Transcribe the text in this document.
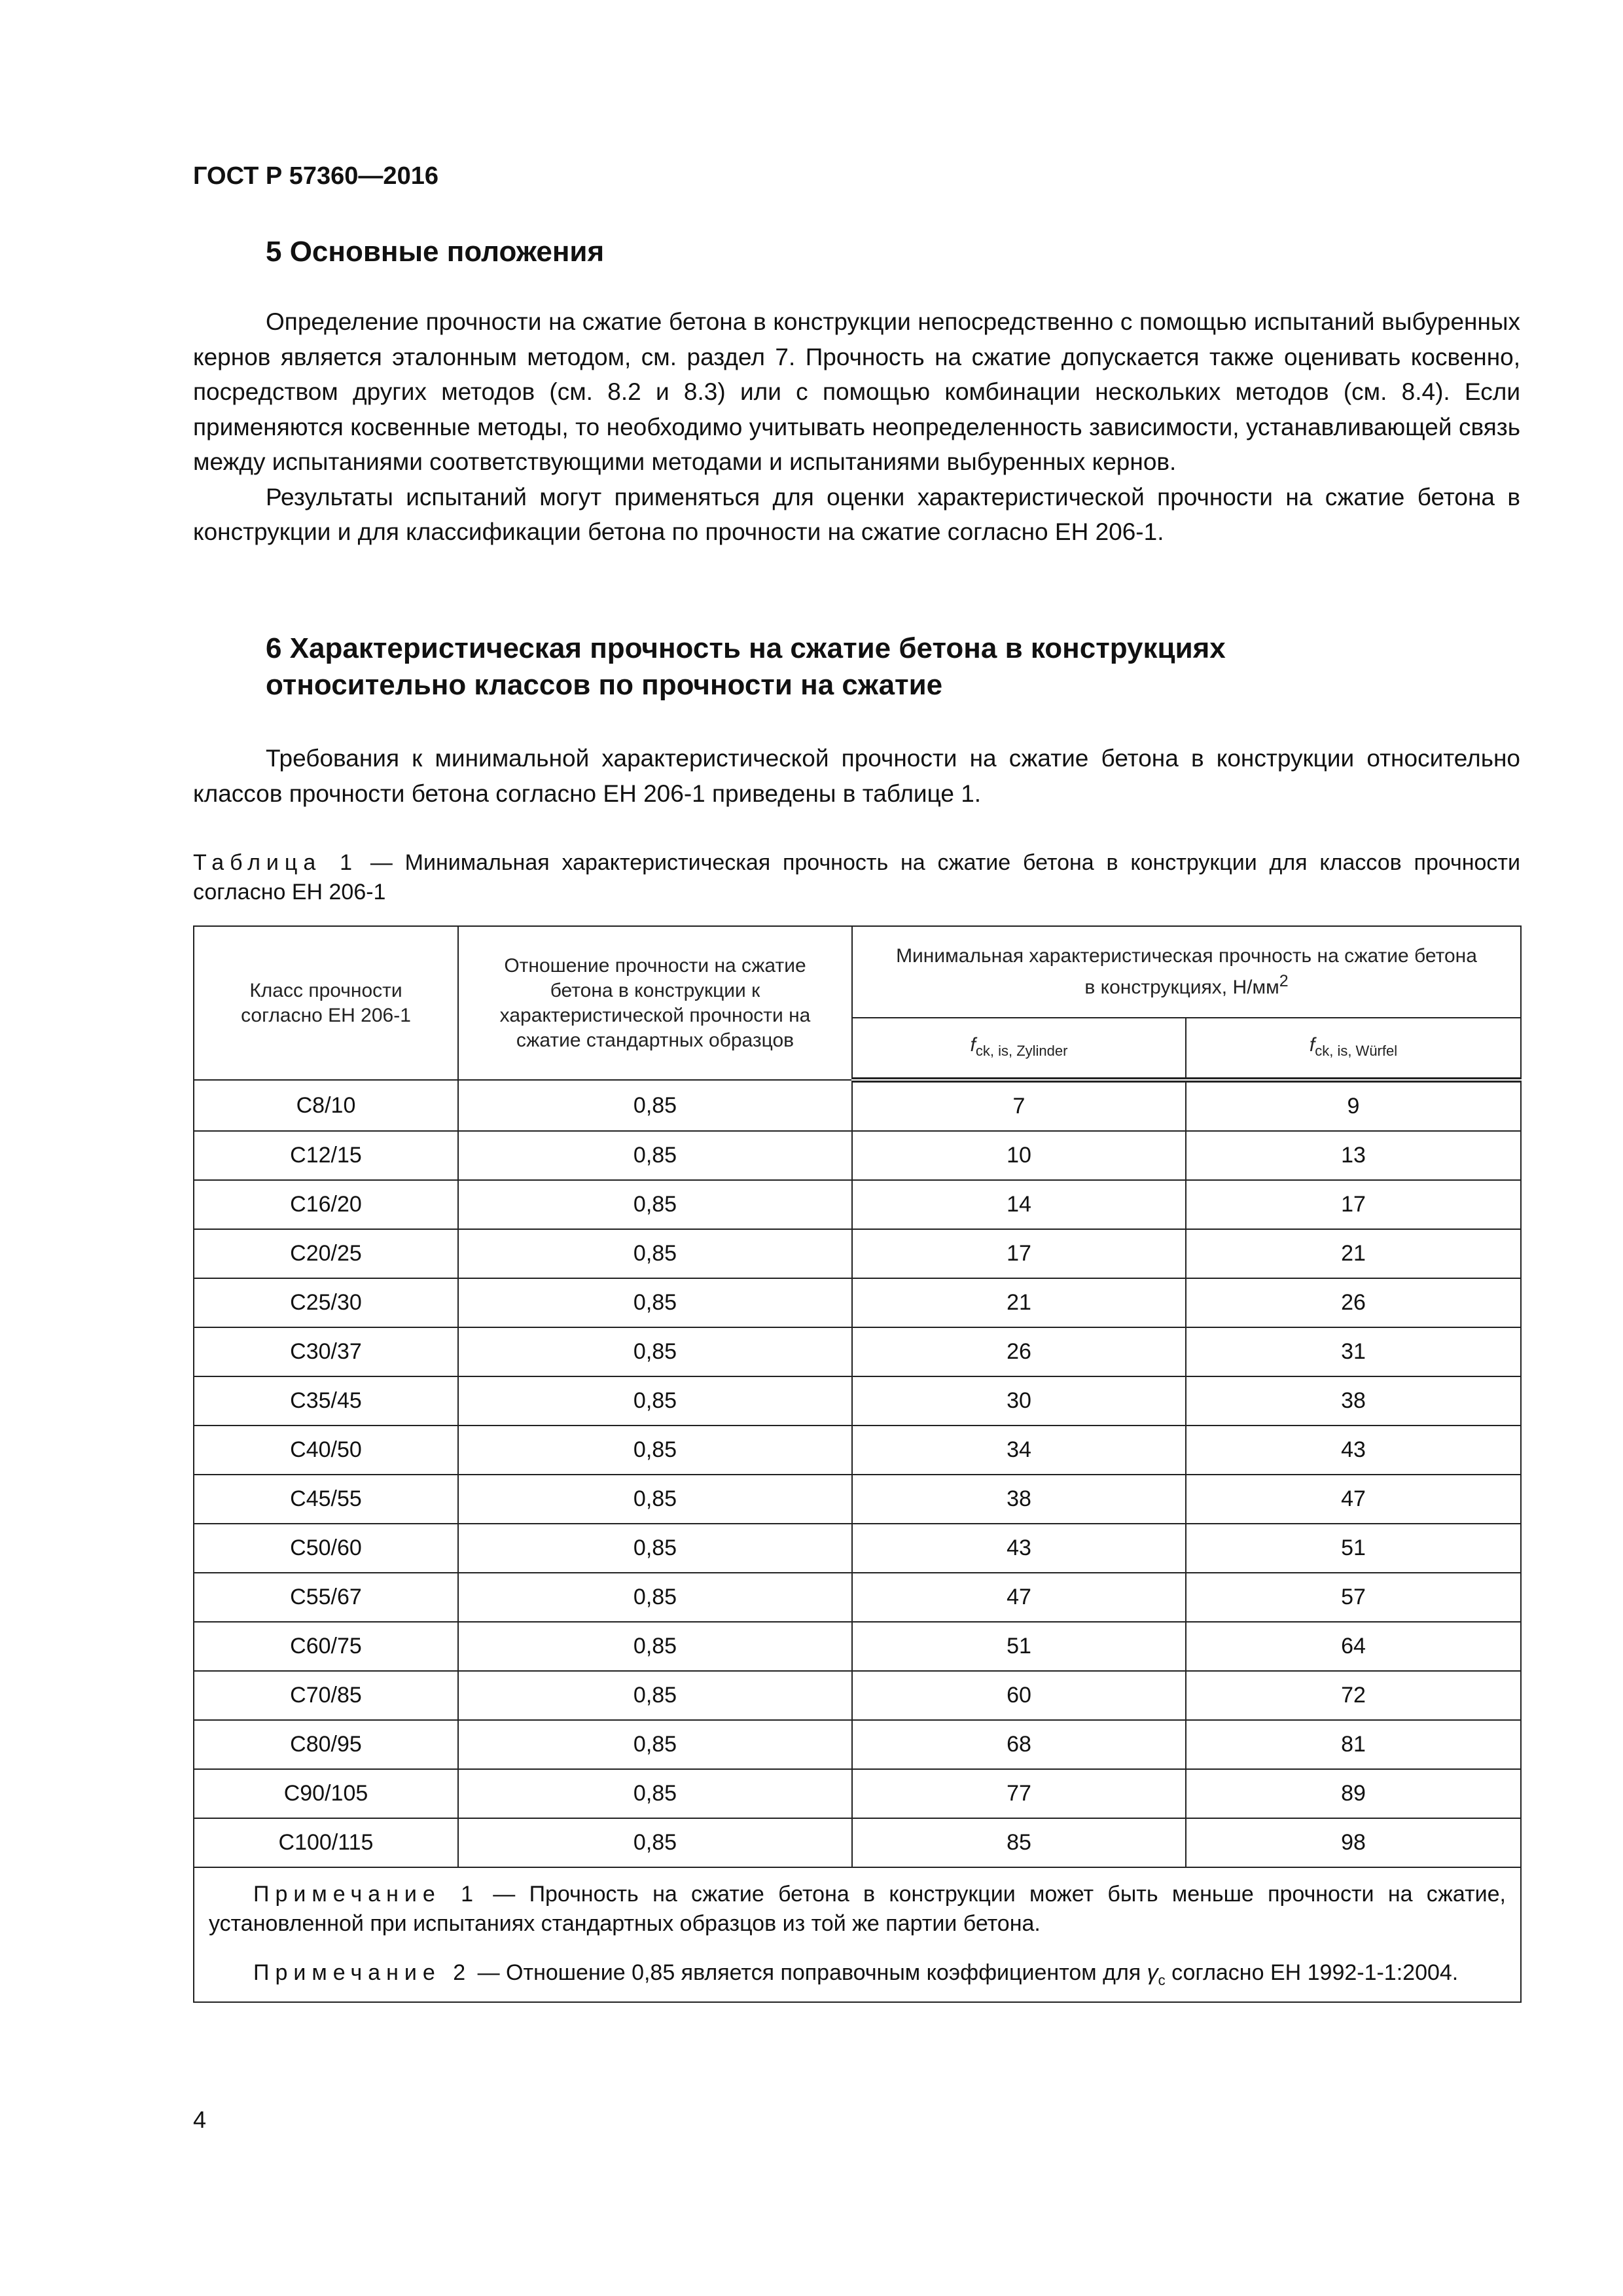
ГОСТ Р 57360—2016
5 Основные положения

Определение прочности на сжатие бетона в конструкции непосредственно с помощью испытаний выбуренных кернов является эталонным методом, см. раздел 7. Прочность на сжатие допускается также оценивать косвенно, посредством других методов (см. 8.2 и 8.3) или с помощью комбинации нескольких методов (см. 8.4). Если применяются косвенные методы, то необходимо учитывать неопределенность зависимости, устанавливающей связь между испытаниями соответствующими методами и испытаниями выбуренных кернов.

Результаты испытаний могут применяться для оценки характеристической прочности на сжатие бетона в конструкции и для классификации бетона по прочности на сжатие согласно ЕН 206-1.

6 Характеристическая прочность на сжатие бетона в конструкциях
относительно классов по прочности на сжатие

Требования к минимальной характеристической прочности на сжатие бетона в конструкции относительно классов прочности бетона согласно ЕН 206-1 приведены в таблице 1.

Таблица 1 — Минимальная характеристическая прочность на сжатие бетона в конструкции для классов прочности согласно ЕН 206-1
Класс прочности согласно ЕН 206-1	Отношение прочности на сжатие бетона в конструкции к характеристической прочности на сжатие стандартных образцов	Минимальная характеристическая прочность на сжатие бетона в конструкциях, $Н/мм^2$
		$f_{ck, is, Zylinder}$	$f_{ck, is, Würfel}$
C8/10	0,85	7	9
C12/15	0,85	10	13
C16/20	0,85	14	17
C20/25	0,85	17	21
C25/30	0,85	21	26
C30/37	0,85	26	31
C35/45	0,85	30	38
C40/50	0,85	34	43
C45/55	0,85	38	47
C50/60	0,85	43	51
C55/67	0,85	47	57
C60/75	0,85	51	64
C70/85	0,85	60	72
C80/95	0,85	68	81
C90/105	0,85	77	89
C100/115	0,85	85	98

Примечание 1 — Прочность на сжатие бетона в конструкции может быть меньше прочности на сжатие, установленной при испытаниях стандартных образцов из той же партии бетона.

Примечание 2 — Отношение 0,85 является поправочным коэффициентом для $\gamma_c$ согласно ЕН 1992-1-1:2004.			

4
